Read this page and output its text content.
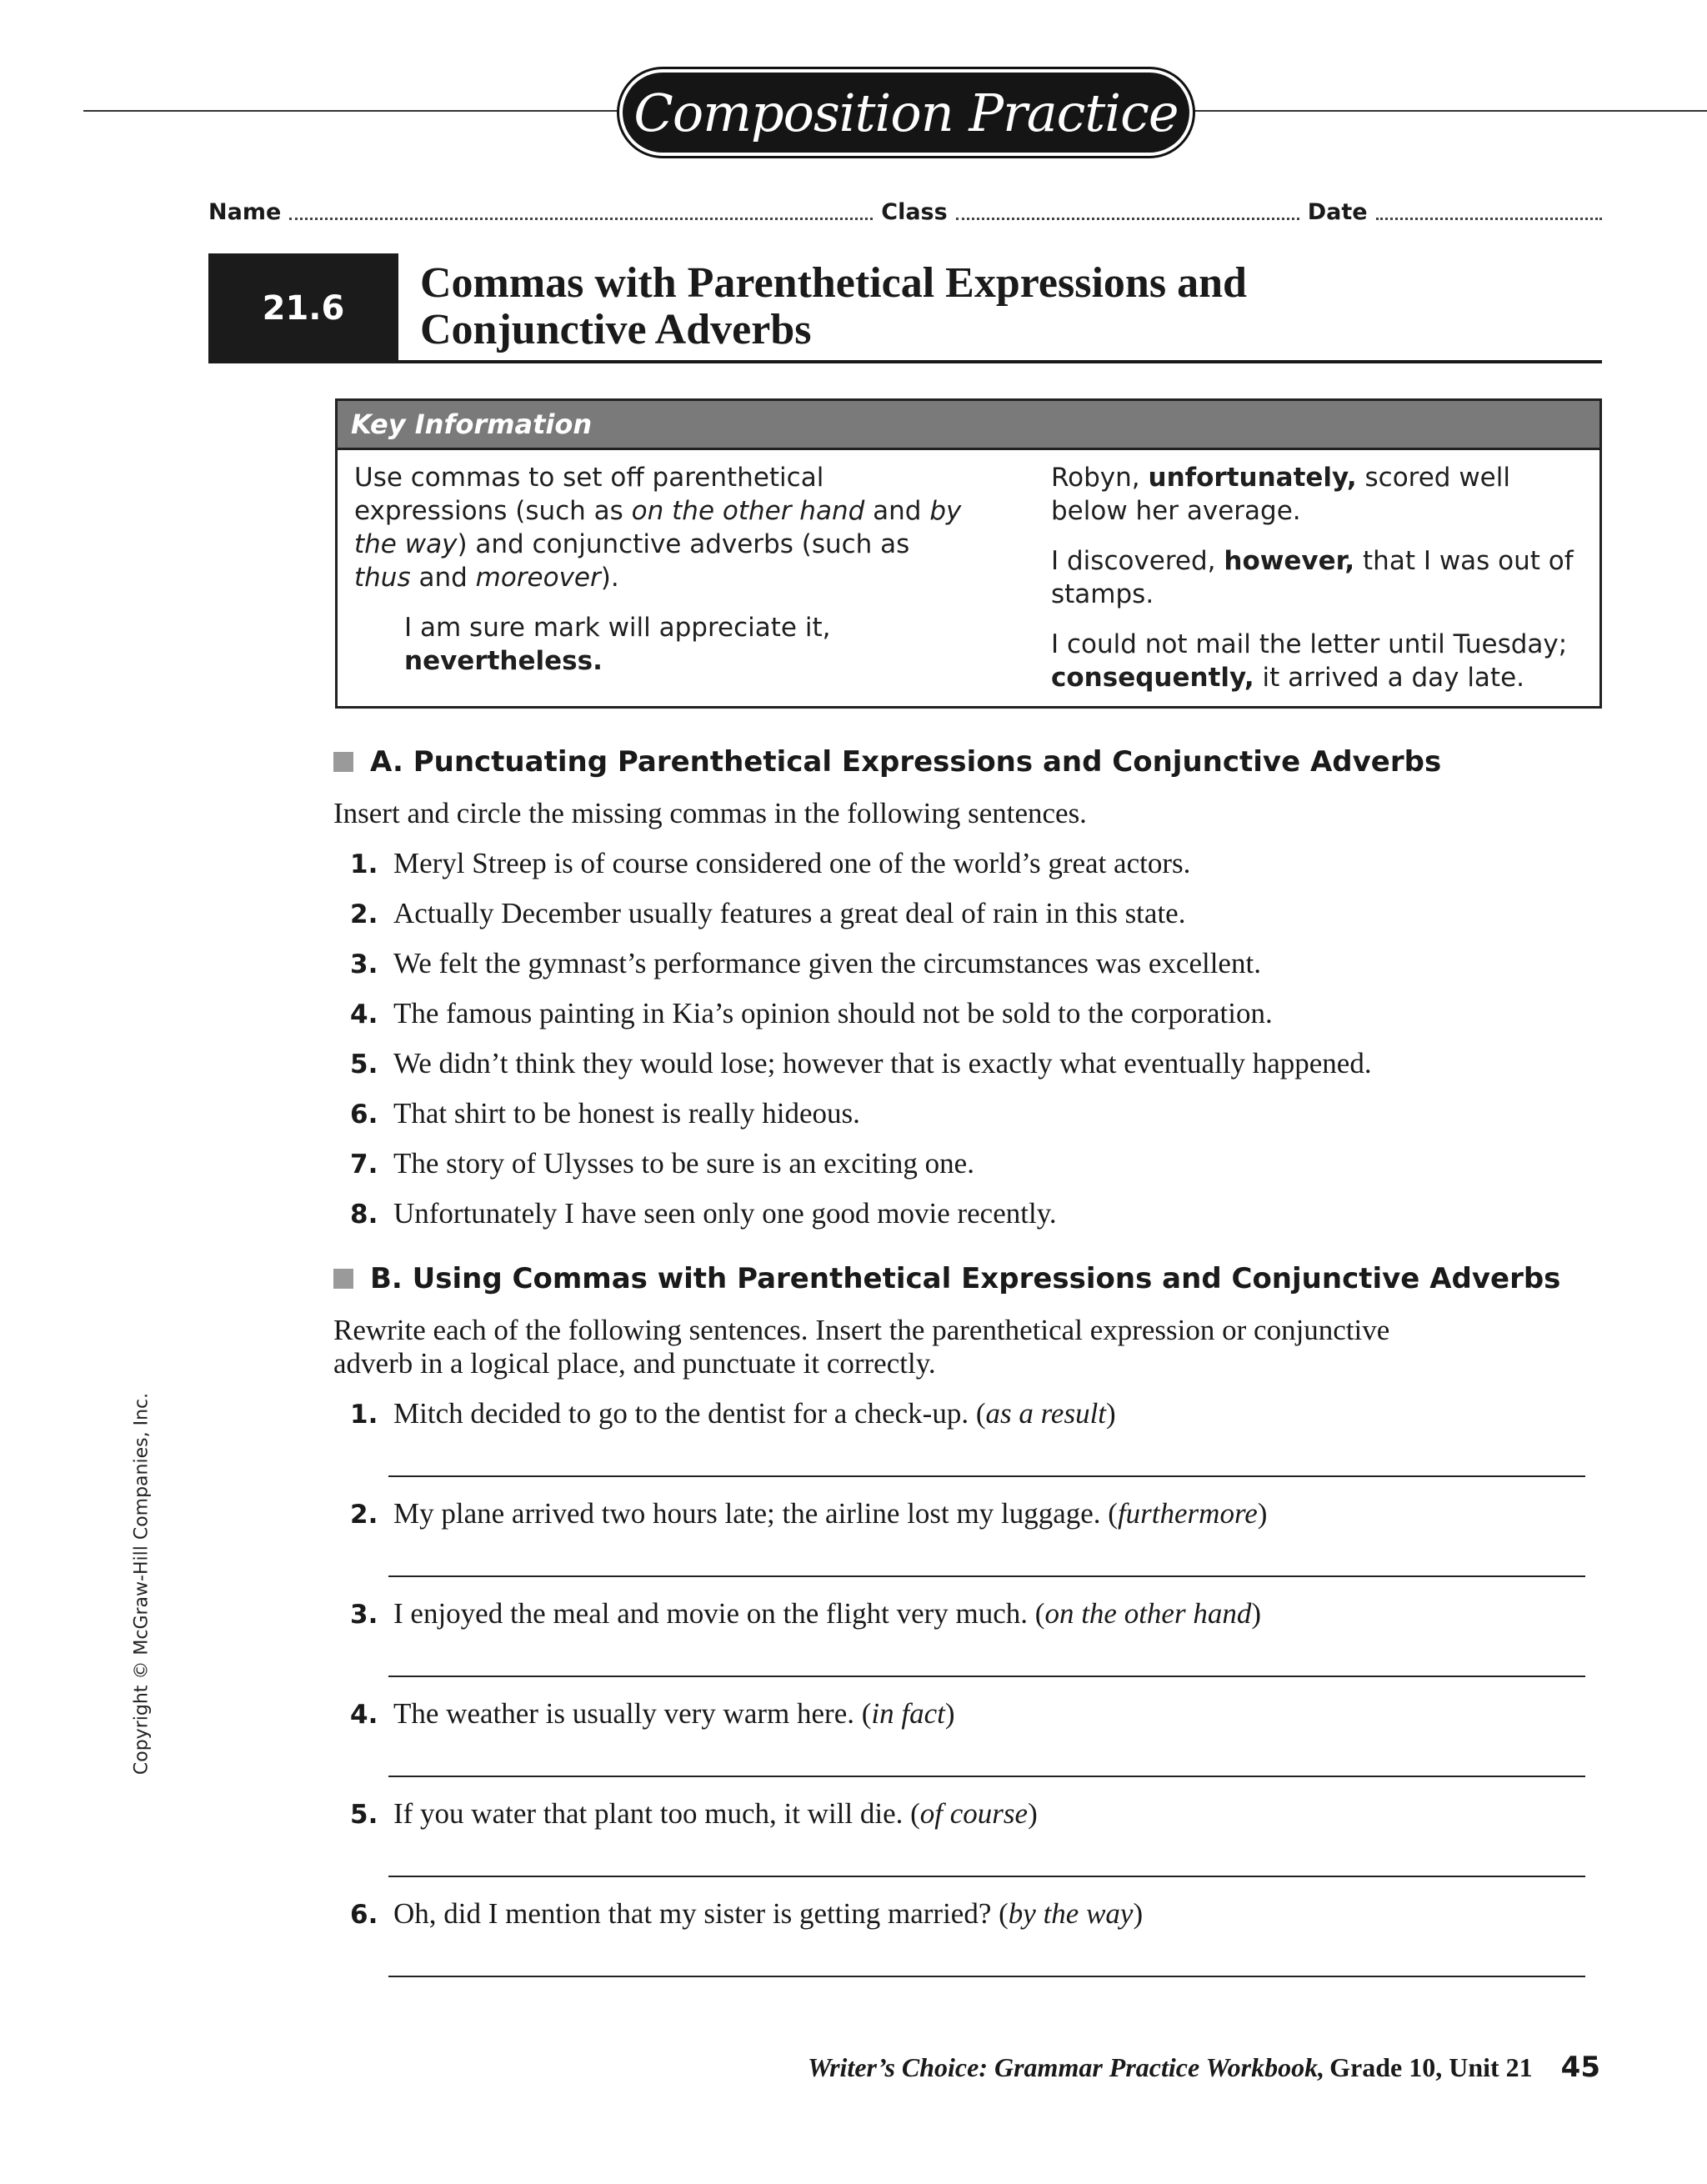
Composition Practice
Name	Class	Date
21.6
Commas with Parenthetical Expressions and
Conjunctive Adverbs
Key Information

Use commas to set off parenthetical expressions (such as on the other hand and by the way) and conjunctive adverbs (such as thus and moreover).

I am sure mark will appreciate it,
nevertheless.

Robyn, unfortunately, scored well below her average.

I discovered, however, that I was out of stamps.

I could not mail the letter until Tuesday; consequently, it arrived a day late.

A. Punctuating Parenthetical Expressions and Conjunctive Adverbs
Insert and circle the missing commas in the following sentences.
1. Meryl Streep is of course considered one of the world’s great actors.
2. Actually December usually features a great deal of rain in this state.
3. We felt the gymnast’s performance given the circumstances was excellent.
4. The famous painting in Kia’s opinion should not be sold to the corporation.
5. We didn’t think they would lose; however that is exactly what eventually happened.
6. That shirt to be honest is really hideous.
7. The story of Ulysses to be sure is an exciting one.
8. Unfortunately I have seen only one good movie recently.
B. Using Commas with Parenthetical Expressions and Conjunctive Adverbs
Rewrite each of the following sentences. Insert the parenthetical expression or conjunctive
adverb in a logical place, and punctuate it correctly.
1. Mitch decided to go to the dentist for a check-up. (as a result)
2. My plane arrived two hours late; the airline lost my luggage. (furthermore)
3. I enjoyed the meal and movie on the flight very much. (on the other hand)
4. The weather is usually very warm here. (in fact)
5. If you water that plant too much, it will die. (of course)
6. Oh, did I mention that my sister is getting married? (by the way)
Copyright © McGraw-Hill Companies, Inc.
Writer’s Choice: Grammar Practice Workbook, Grade 10, Unit 21 45
